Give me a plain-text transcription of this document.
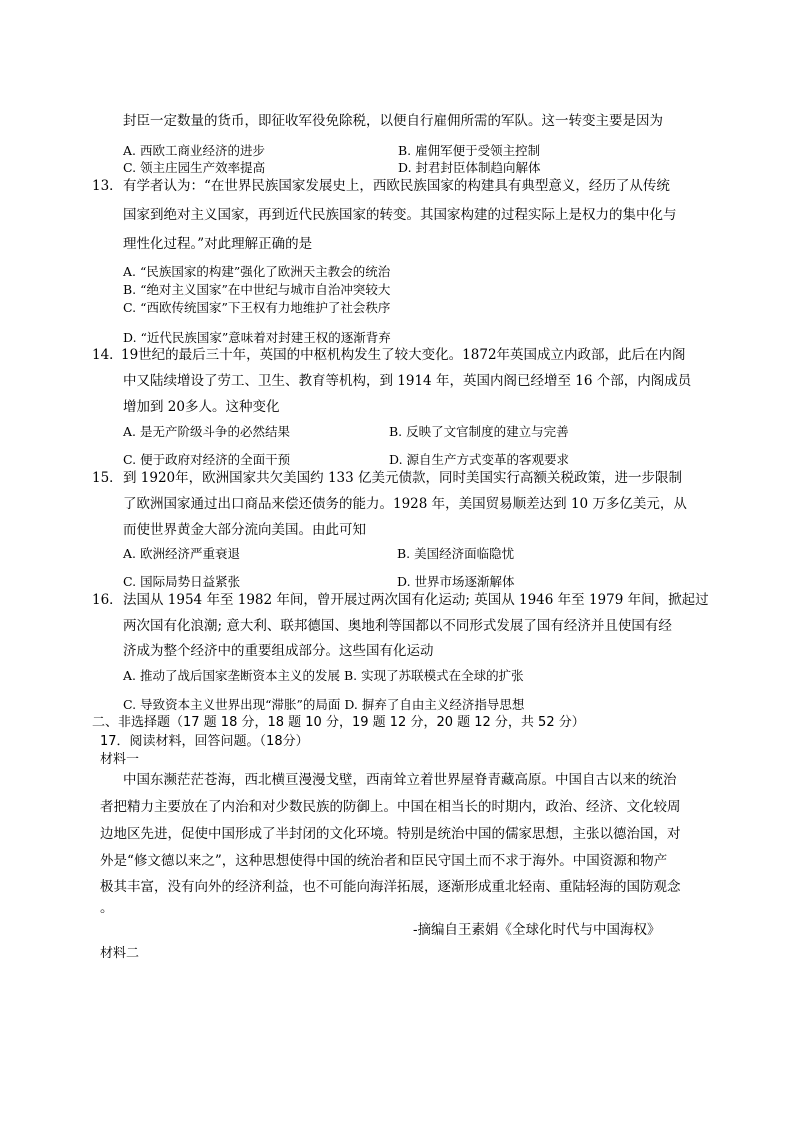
封臣一定数量的货币，即征收军役免除税，以便自行雇佣所需的军队。这一转变主要是因为
A. 西欧工商业经济的进步	B. 雇佣军便于受领主控制
C. 领主庄园生产效率提高	D. 封君封臣体制趋向解体
13． 有学者认为：“在世界民族国家发展史上，西欧民族国家的构建具有典型意义，经历了从传统
国家到绝对主义国家，再到近代民族国家的转变。其国家构建的过程实际上是权力的集中化与
理性化过程。”对此理解正确的是
A. “民族国家的构建”强化了欧洲天主教会的统治
B. “绝对主义国家”在中世纪与城市自治冲突较大
C. “西欧传统国家”下王权有力地维护了社会秩序
D. “近代民族国家”意味着对封建王权的逐渐背弃
14．
19世纪的最后三十年，英国的中枢机构发生了较大变化。1872年英国成立内政部，此后在内阁
中又陆续增设了劳工、卫生、教育等机构，到 1914 年，英国内阁已经增至 16 个部，内阁成员
增加到 20多人。这种变化
A. 是无产阶级斗争的必然结果	B. 反映了文官制度的建立与完善
C. 便于政府对经济的全面干预	D. 源自生产方式变革的客观要求
15． 到 1920年，欧洲国家共欠美国约 133 亿美元债款，同时美国实行高额关税政策，进一步限制
了欧洲国家通过出口商品来偿还债务的能力。1928 年，美国贸易顺差达到 10 万多亿美元，从
而使世界黄金大部分流向美国。由此可知
A. 欧洲经济严重衰退	B. 美国经济面临隐忧
C. 国际局势日益紧张	D. 世界市场逐渐解体
16． 法国从 1954 年至 1982 年间，曾开展过两次国有化运动; 英国从 1946 年至 1979 年间，掀起过
两次国有化浪潮; 意大利、联邦德国、奥地利等国都以不同形式发展了国有经济并且使国有经
济成为整个经济中的重要组成部分。这些国有化运动
A. 推动了战后国家垄断资本主义的发展 B. 实现了苏联模式在全球的扩张
C. 导致资本主义世界出现“滞胀”的局面 D. 摒弃了自由主义经济指导思想
二、非选择题（17 题 18 分，18 题 10 分，19 题 12 分，20 题 12 分，共 52 分）
17．阅读材料，回答问题。（18分）
材料一
中国东濒茫茫苍海，西北横亘漫漫戈壁，西南耸立着世界屋脊青藏高原。中国自古以来的统治
者把精力主要放在了内治和对少数民族的防御上。中国在相当长的时期内，政治、经济、文化较周
边地区先进，促使中国形成了半封闭的文化环境。特别是统治中国的儒家思想，主张以德治国，对
外是“修文德以来之”，这种思想使得中国的统治者和臣民守国土而不求于海外。中国资源和物产
极其丰富，没有向外的经济利益，也不可能向海洋拓展，逐渐形成重北轻南、重陆轻海的国防观念
。
-摘编自王素娟《全球化时代与中国海权》
材料二
